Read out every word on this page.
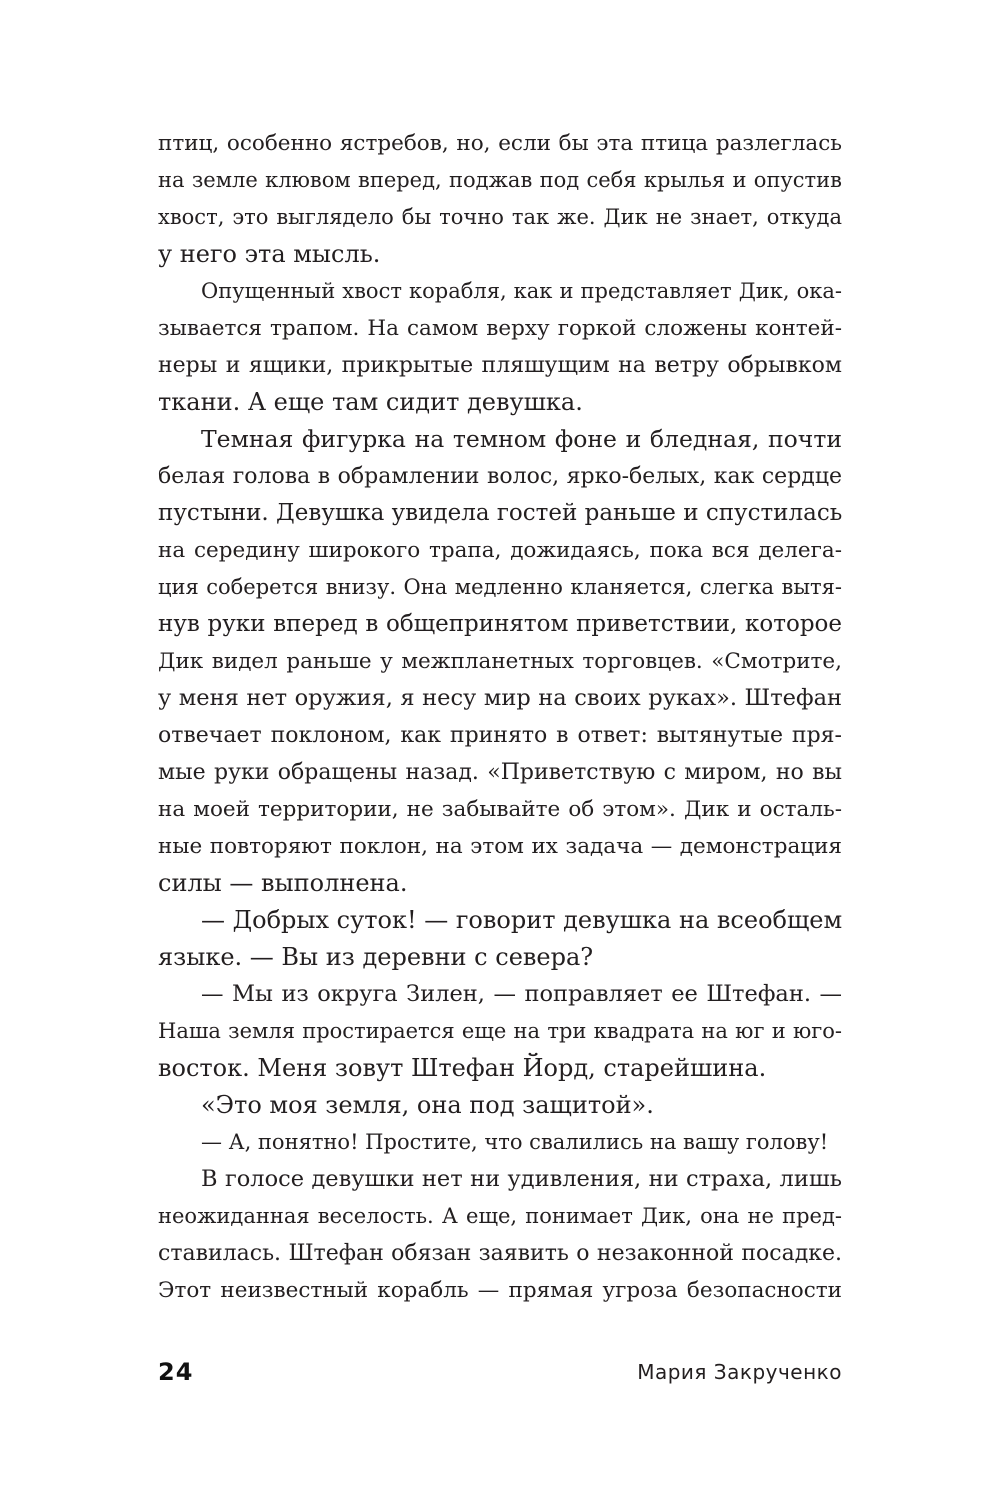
птиц, особенно ястребов, но, если бы эта птица разлеглась
на земле клювом вперед, поджав под себя крылья и опустив
хвост, это выглядело бы точно так же. Дик не знает, откуда
у него эта мысль.
Опущенный хвост корабля, как и представляет Дик, ока-
зывается трапом. На самом верху горкой сложены контей-
неры и ящики, прикрытые пляшущим на ветру обрывком
ткани. А еще там сидит девушка.
Темная фигурка на темном фоне и бледная, почти
белая голова в обрамлении волос, ярко-белых, как сердце
пустыни. Девушка увидела гостей раньше и спустилась
на середину широкого трапа, дожидаясь, пока вся делега-
ция соберется внизу. Она медленно кланяется, слегка вытя-
нув руки вперед в общепринятом приветствии, которое
Дик видел раньше у межпланетных торговцев. «Смотрите,
у меня нет оружия, я несу мир на своих руках». Штефан
отвечает поклоном, как принято в ответ: вытянутые пря-
мые руки обращены назад. «Приветствую с миром, но вы
на моей территории, не забывайте об этом». Дик и осталь-
ные повторяют поклон, на этом их задача — демонстрация
силы — выполнена.
— Добрых суток! — говорит девушка на всеобщем
языке. — Вы из деревни с севера?
— Мы из округа Зилен, — поправляет ее Штефан. —
Наша земля простирается еще на три квадрата на юг и юго-
восток. Меня зовут Штефан Йорд, старейшина.
«Это моя земля, она под защитой».
— А, понятно! Простите, что свалились на вашу голову!
В голосе девушки нет ни удивления, ни страха, лишь
неожиданная веселость. А еще, понимает Дик, она не пред-
ставилась. Штефан обязан заявить о незаконной посадке.
Этот неизвестный корабль — прямая угроза безопасности
24	Мария Закрученко
